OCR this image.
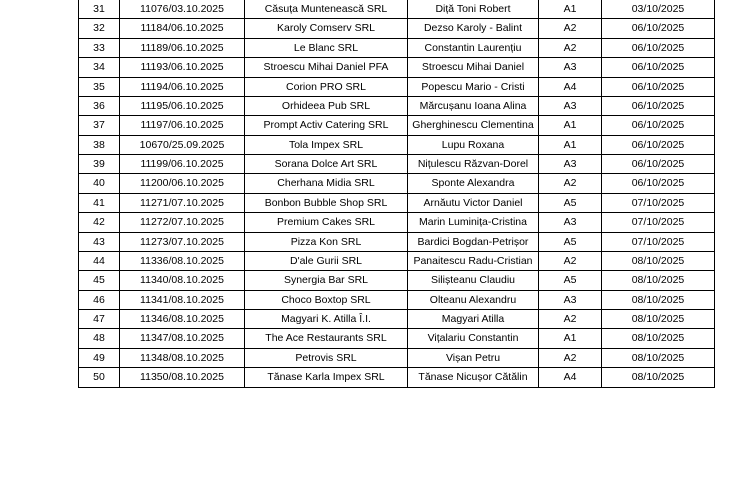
31	11076/03.10.2025	Căsuța Muntenească SRL	Diță Toni Robert	A1	03/10/2025
32	11184/06.10.2025	Karoly Comserv SRL	Dezso Karoly - Balint	A2	06/10/2025
33	11189/06.10.2025	Le Blanc SRL	Constantin Laurențiu	A2	06/10/2025
34	11193/06.10.2025	Stroescu Mihai Daniel PFA	Stroescu Mihai Daniel	A3	06/10/2025
35	11194/06.10.2025	Corion PRO SRL	Popescu Mario - Cristi	A4	06/10/2025
36	11195/06.10.2025	Orhideea Pub SRL	Mărcușanu Ioana Alina	A3	06/10/2025
37	11197/06.10.2025	Prompt Activ Catering SRL	Gherghinescu Clementina	A1	06/10/2025
38	10670/25.09.2025	Tola Impex SRL	Lupu Roxana	A1	06/10/2025
39	11199/06.10.2025	Sorana Dolce Art SRL	Nițulescu Răzvan-Dorel	A3	06/10/2025
40	11200/06.10.2025	Cherhana Midia SRL	Sponte Alexandra	A2	06/10/2025
41	11271/07.10.2025	Bonbon Bubble Shop SRL	Arnăutu Victor Daniel	A5	07/10/2025
42	11272/07.10.2025	Premium Cakes SRL	Marin Luminița-Cristina	A3	07/10/2025
43	11273/07.10.2025	Pizza Kon SRL	Bardici Bogdan-Petrișor	A5	07/10/2025
44	11336/08.10.2025	D'ale Gurii SRL	Panaitescu Radu-Cristian	A2	08/10/2025
45	11340/08.10.2025	Synergia Bar SRL	Silișteanu Claudiu	A5	08/10/2025
46	11341/08.10.2025	Choco Boxtop SRL	Olteanu Alexandru	A3	08/10/2025
47	11346/08.10.2025	Magyari K. Atilla Î.I.	Magyari Atilla	A2	08/10/2025
48	11347/08.10.2025	The Ace Restaurants SRL	Vițalariu Constantin	A1	08/10/2025
49	11348/08.10.2025	Petrovis SRL	Vișan Petru	A2	08/10/2025
50	11350/08.10.2025	Tănase Karla Impex SRL	Tănase Nicușor Cătălin	A4	08/10/2025
